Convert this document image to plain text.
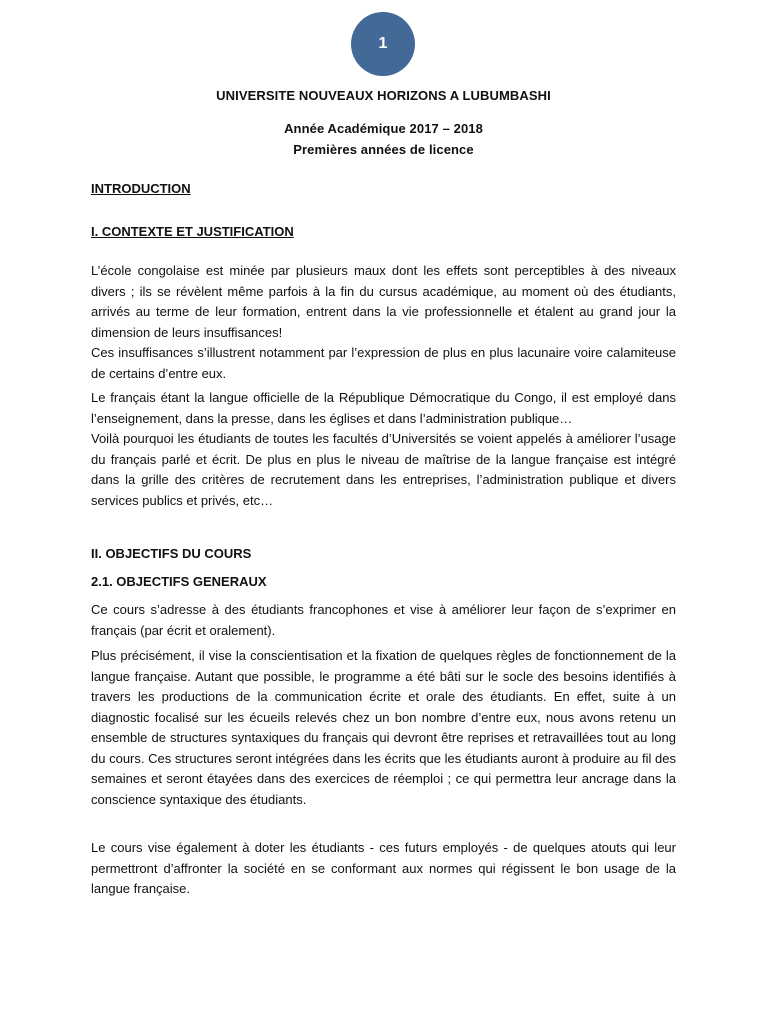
1
UNIVERSITE NOUVEAUX HORIZONS A LUBUMBASHI
Année Académique 2017 – 2018
Premières années de licence
INTRODUCTION
I. CONTEXTE ET JUSTIFICATION

L’école congolaise est minée par plusieurs maux dont les effets sont perceptibles à des niveaux divers ; ils se révèlent même parfois à la fin du cursus académique, au moment où des étudiants, arrivés au terme de leur formation, entrent dans la vie professionnelle et étalent au grand jour la dimension de leurs insuffisances!

Ces insuffisances s’illustrent notamment par l’expression de plus en plus lacunaire voire calamiteuse de certains d’entre eux.

Le français étant la langue officielle de la République Démocratique du Congo, il est employé dans l’enseignement, dans la presse, dans les églises et dans l’administration publique…

Voilà pourquoi les étudiants de toutes les facultés d’Universités se voient appelés à améliorer l’usage du français parlé et écrit. De plus en plus le niveau de maîtrise de la langue française est intégré dans la grille des critères de recrutement dans les entreprises, l’administration publique et divers services publics et privés, etc…

II. OBJECTIFS DU COURS
2.1. OBJECTIFS GENERAUX
Ce cours s’adresse à des étudiants francophones et vise à améliorer leur façon de s’exprimer en français (par écrit et oralement).
Plus précisément, il vise la conscientisation et la fixation de quelques règles de fonctionnement de la langue française. Autant que possible, le programme a été bâti sur le socle des besoins identifiés à travers les productions de la communication écrite et orale des étudiants. En effet, suite à un diagnostic focalisé sur les écueils relevés chez un bon nombre d’entre eux, nous avons retenu un ensemble de structures syntaxiques du français qui devront être reprises et retravaillées tout au long du cours. Ces structures seront intégrées dans les écrits que les étudiants auront à produire au fil des semaines et seront étayées dans des exercices de réemploi ; ce qui permettra leur ancrage dans la conscience syntaxique des étudiants.
Le cours vise également à doter les étudiants - ces futurs employés - de quelques atouts qui leur permettront d’affronter la société en se conformant aux normes qui régissent le bon usage de la langue française.
